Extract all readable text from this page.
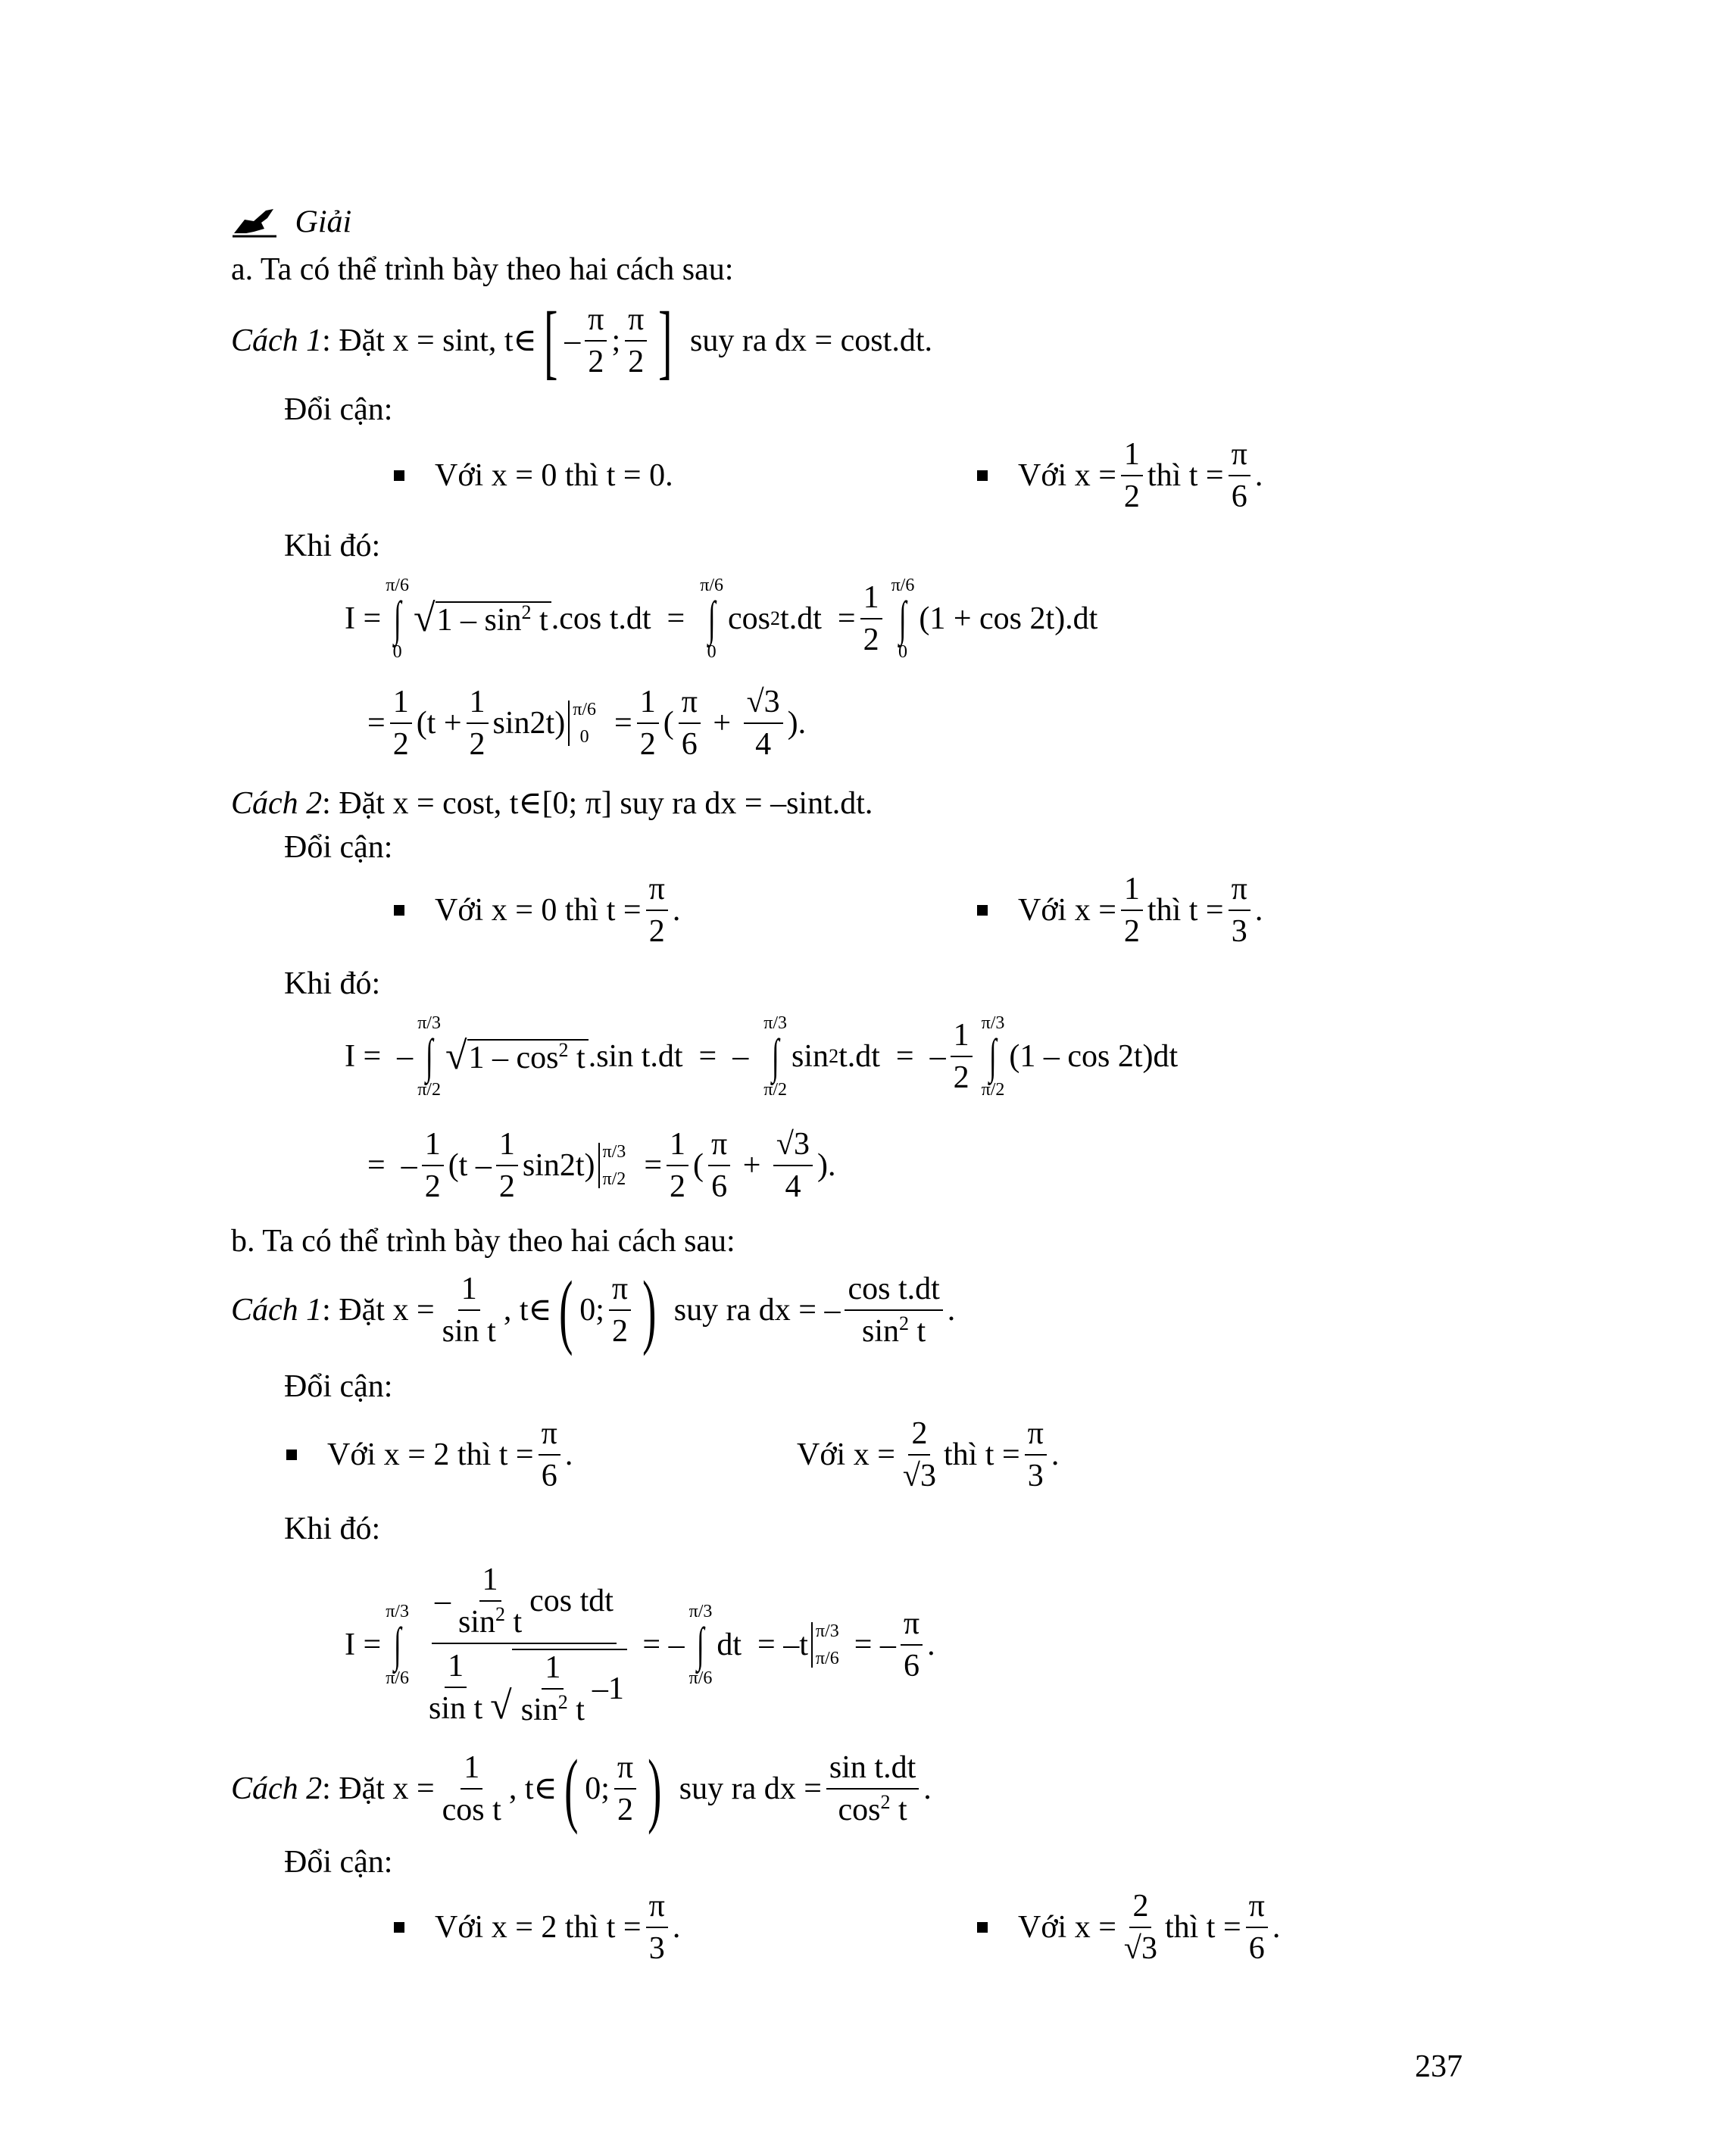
Giải
a. Ta có thể trình bày theo hai cách sau:
Cách 1 : Đặt x = sint, t∈ [ – $\frac{\pi}{2}$ ; $\frac{\pi}{2}$ ] suy ra dx = cost.dt.
Đổi cận:
Với x = 0 thì t = 0.	Với $x = \frac{1}{2}$ thì $t = \frac{\pi}{6}$ .
Khi đó:
I =
π/6
∫
0
√ $1 - \sin^2 t$ .cos t.dt  =
π/6
∫
0
cos 2 $t.dt = \frac{1}{2} \pi/6$
∫
0
(1 + cos 2t).dt
= $\frac{1}{2} (t + \frac{1}{2} \sin 2t)$ π/6
$0 = \frac{1}{2}$ ( $\frac{\pi}{6} + \frac{√3}{4}$ ).
Cách 2: Đặt x = cost, t∈[0; π] suy ra dx = –sint.dt.
Đổi cận:
Với x = 0 thì $t = \frac{\pi}{2}$ .	Với $x = \frac{1}{2}$ thì $t = \frac{\pi}{3}$ .
Khi đó:
I =  –
π/3
∫
π/2
√ $1 - \cos^2 t$ .sin t.dt  =  –
π/3
∫
π/2
sin 2 t.dt  =  – $\frac{1}{2} \pi/3$
∫
π/2
(1 – cos 2t)dt
=  – $\frac{1}{2} (t - \frac{1}{2} \sin 2t)$ π/3
$\pi/2 = \frac{1}{2}$ ( $\frac{\pi}{6} + \frac{√3}{4}$ ).
b. Ta có thể trình bày theo hai cách sau:
Cách 1 : Đặt $x = \frac{1}{\text{sin t}}$ , t∈ ( 0; $\frac{\pi}{2}$ ) suy ra dx = – $\frac{\text{cos t.dt}}{\sin^2 t}$ .
Đổi cận:
Với x = 2 thì $t = \frac{\pi}{6}$ .	Với $x = \frac{2}{√3}$ thì $t = \frac{\pi}{3}$ .
Khi đó:
I =
π/3
∫
$\pi/6 \frac{- \frac{1}{\sin^2 t} \cos tdt}{\frac{1}{\text{sin t}} √ \frac{1}{\sin^2 t} -1}$ = –
π/3
∫
π/6
dt  = –t π/3
π/6 = – $\frac{\pi}{6}$ .
Cách 2 : Đặt $x = \frac{1}{\text{cos t}}$ , t∈ ( 0; $\frac{\pi}{2}$ ) suy ra dx = $\frac{\text{sin t.dt}}{\cos^2 t}$ .
Đổi cận:
Với x = 2 thì $t = \frac{\pi}{3}$ .	Với $x = \frac{2}{√3}$ thì $t = \frac{\pi}{6}$ .
237
